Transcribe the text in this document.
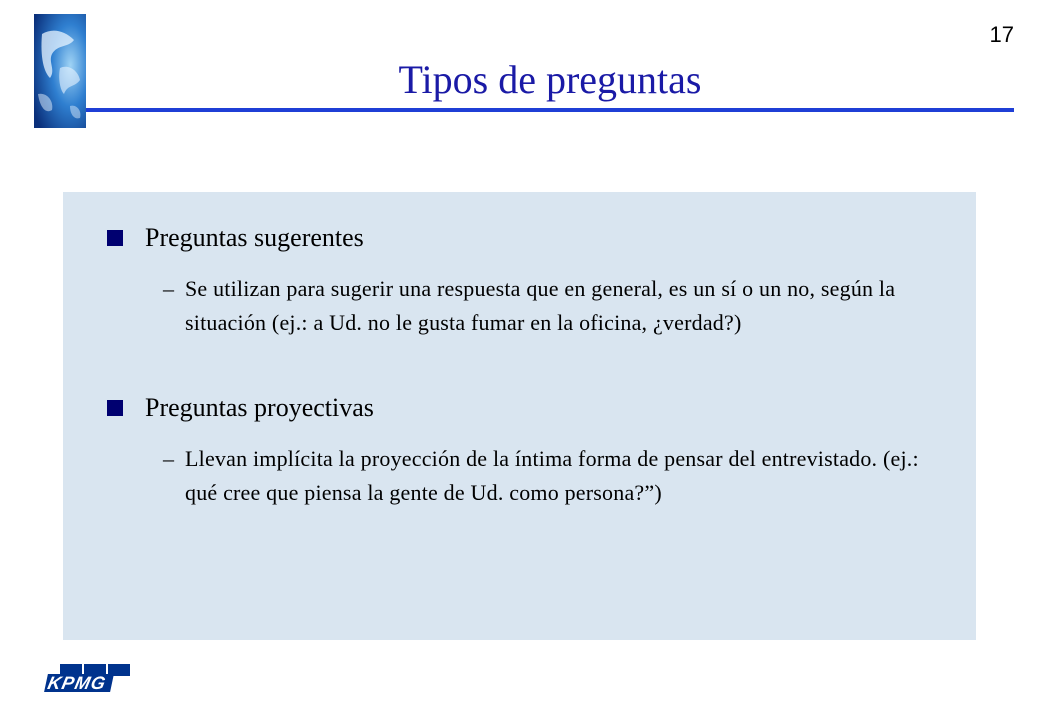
17
Tipos de preguntas
Preguntas sugerentes
– Se utilizan para sugerir una respuesta que en general, es un sí o un no, según la situación (ej.: a Ud. no le gusta fumar en la oficina, ¿verdad?)
Preguntas proyectivas
– Llevan implícita la proyección de la íntima forma de pensar del entrevistado. (ej.: qué cree que piensa la gente de Ud. como persona?”)
KPMG
